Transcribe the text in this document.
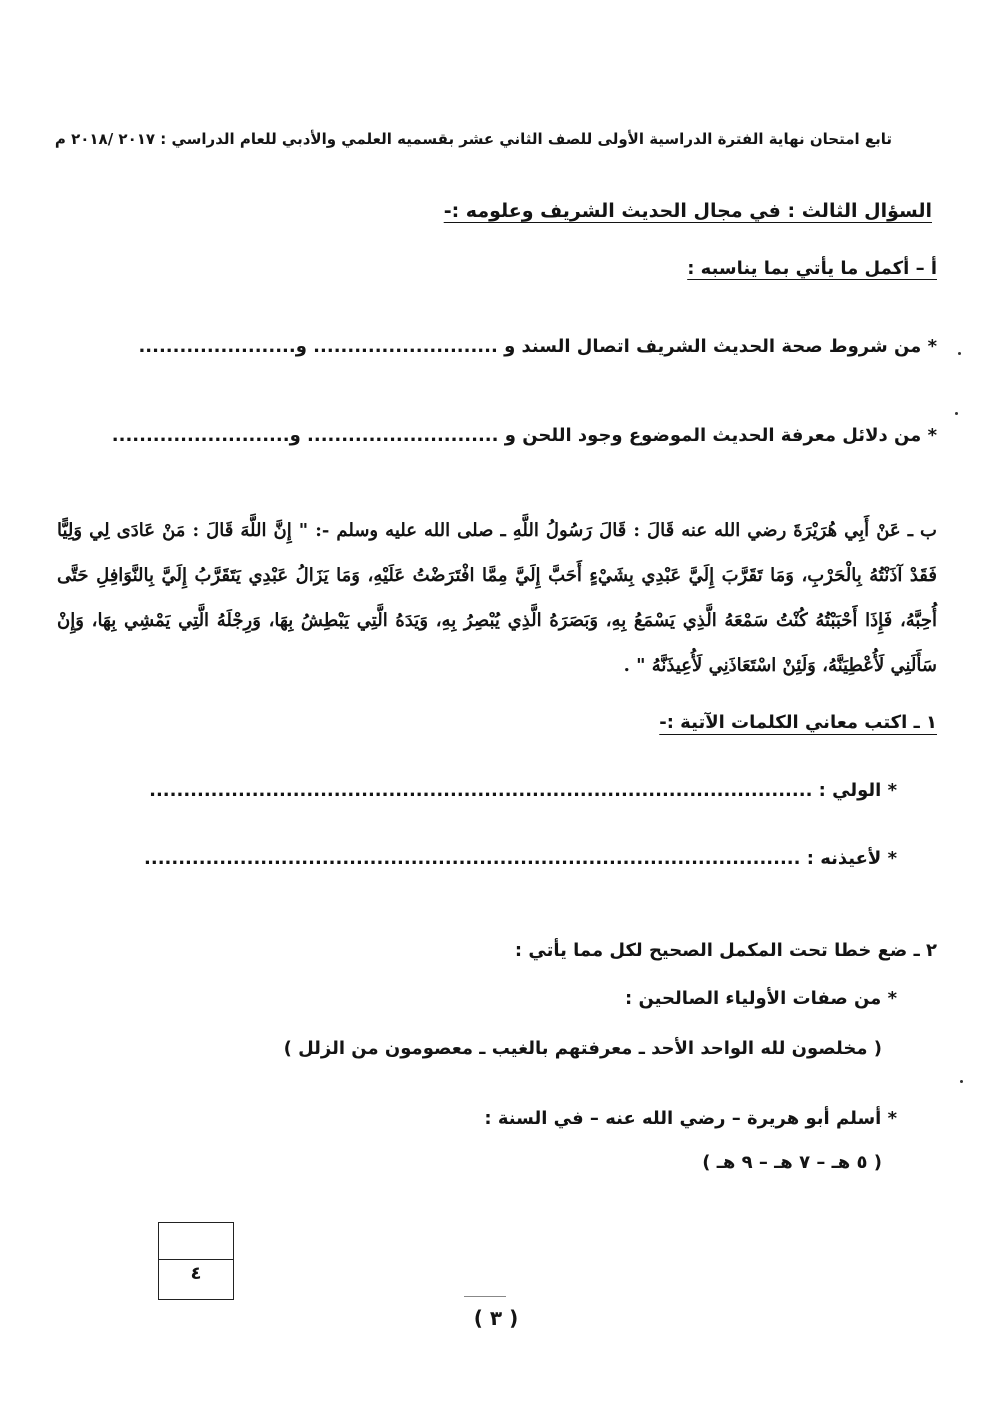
تابع امتحان نهاية الفترة الدراسية الأولى للصف الثاني عشر بقسميه العلمي والأدبي للعام الدراسي : ٢٠١٧ /٢٠١٨ م
السؤال الثالث : في مجال الحديث الشريف وعلومه :-
أ – أكمل ما يأتي بما يناسبه :
* من شروط صحة الحديث الشريف اتصال السند و ........................... و.......................
* من دلائل معرفة الحديث الموضوع وجود اللحن و ............................ و..........................
ب ـ عَنْ أَبِي هُرَيْرَةَ رضي الله عنه قَالَ : قَالَ رَسُولُ اللَّهِ ـ صلى الله عليه وسلم -: " إِنَّ اللَّهَ قَالَ : مَنْ عَادَى لِي وَلِيًّا فَقَدْ آذَنْتُهُ بِالْحَرْبِ، وَمَا تَقَرَّبَ إِلَيَّ عَبْدِي بِشَيْءٍ أَحَبَّ إِلَيَّ مِمَّا افْتَرَضْتُ عَلَيْهِ، وَمَا يَزَالُ عَبْدِي يَتَقَرَّبُ إِلَيَّ بِالنَّوَافِلِ حَتَّى أُحِبَّهُ، فَإِذَا أَحْبَبْتُهُ كُنْتُ سَمْعَهُ الَّذِي يَسْمَعُ بِهِ، وَبَصَرَهُ الَّذِي يُبْصِرُ بِهِ، وَيَدَهُ الَّتِي يَبْطِشُ بِهَا، وَرِجْلَهُ الَّتِي يَمْشِي بِهَا، وَإِنْ سَأَلَنِي لَأُعْطِيَنَّهُ، وَلَئِنْ اسْتَعَاذَنِي لَأُعِيذَنَّهُ " .
١ ـ اكتب معاني الكلمات الآتية :-
* الولي : .................................................................................................
* لأعيذنه : ................................................................................................
٢ ـ ضع خطا تحت المكمل الصحيح لكل مما يأتي :
* من صفات الأولياء الصالحين :
( مخلصون لله الواحد الأحد ـ معرفتهم بالغيب ـ معصومون من الزلل )
* أسلم أبو هريرة – رضي الله عنه – في السنة :
( ٥ هـ – ٧ هـ – ٩ هـ )
٤
( ٣ )
